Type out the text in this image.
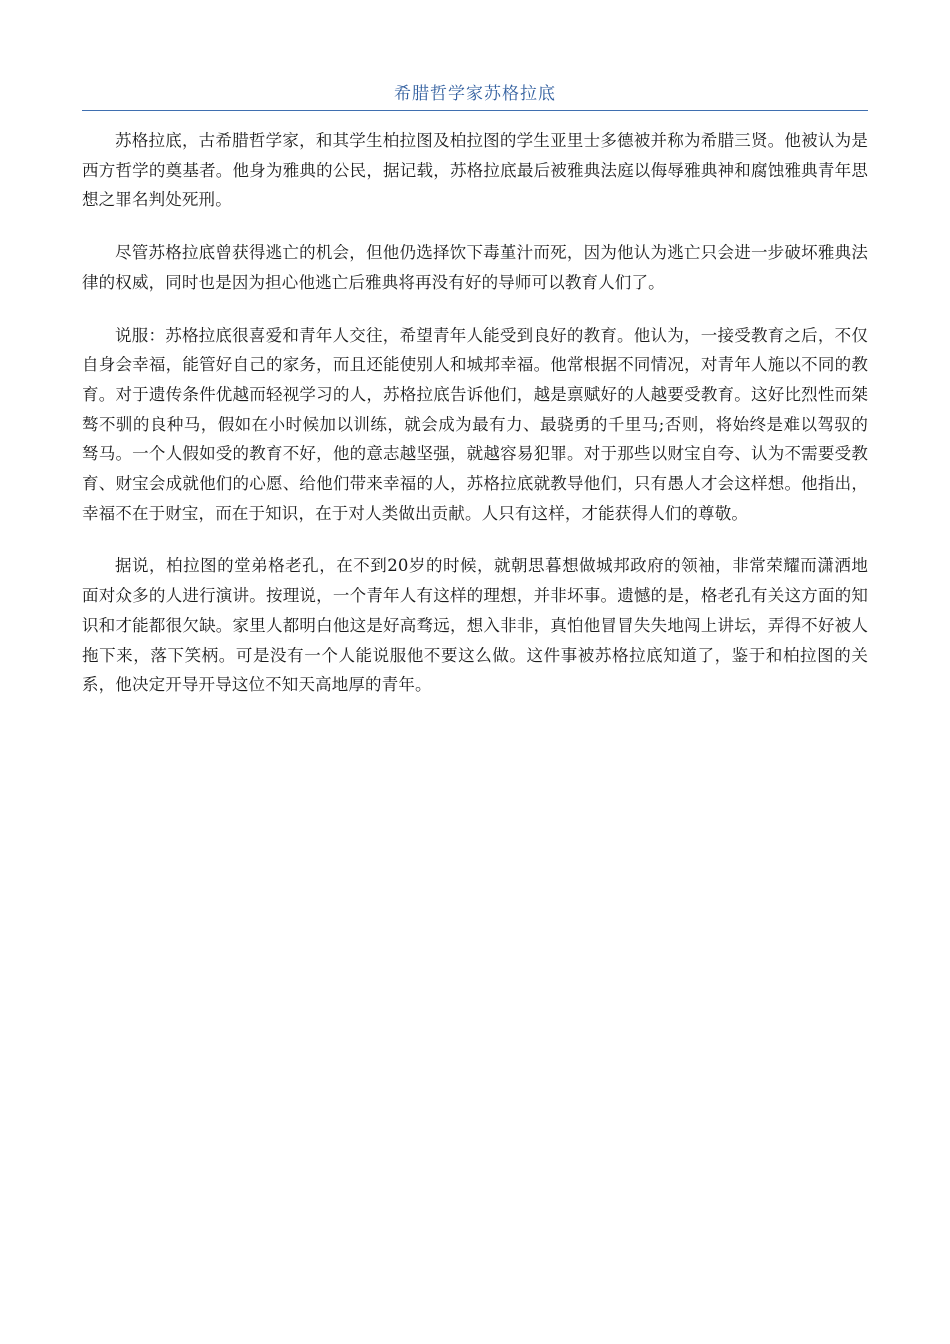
希腊哲学家苏格拉底

苏格拉底，古希腊哲学家，和其学生柏拉图及柏拉图的学生亚里士多德被并称为希腊三贤。他被认为是西方哲学的奠基者。他身为雅典的公民，据记载，苏格拉底最后被雅典法庭以侮辱雅典神和腐蚀雅典青年思想之罪名判处死刑。

尽管苏格拉底曾获得逃亡的机会，但他仍选择饮下毒堇汁而死，因为他认为逃亡只会进一步破坏雅典法律的权威，同时也是因为担心他逃亡后雅典将再没有好的导师可以教育人们了。

说服：苏格拉底很喜爱和青年人交往，希望青年人能受到良好的教育。他认为，一接受教育之后，不仅自身会幸福，能管好自己的家务，而且还能使别人和城邦幸福。他常根据不同情况，对青年人施以不同的教育。对于遗传条件优越而轻视学习的人，苏格拉底告诉他们，越是禀赋好的人越要受教育。这好比烈性而桀骜不驯的良种马，假如在小时候加以训练，就会成为最有力、最骁勇的千里马;否则，将始终是难以驾驭的驽马。一个人假如受的教育不好，他的意志越坚强，就越容易犯罪。对于那些以财宝自夸、认为不需要受教育、财宝会成就他们的心愿、给他们带来幸福的人，苏格拉底就教导他们，只有愚人才会这样想。他指出，幸福不在于财宝，而在于知识，在于对人类做出贡献。人只有这样，才能获得人们的尊敬。

据说，柏拉图的堂弟格老孔，在不到20岁的时候，就朝思暮想做城邦政府的领袖，非常荣耀而潇洒地面对众多的人进行演讲。按理说，一个青年人有这样的理想，并非坏事。遗憾的是，格老孔有关这方面的知识和才能都很欠缺。家里人都明白他这是好高骛远，想入非非，真怕他冒冒失失地闯上讲坛，弄得不好被人拖下来，落下笑柄。可是没有一个人能说服他不要这么做。这件事被苏格拉底知道了，鉴于和柏拉图的关系，他决定开导开导这位不知天高地厚的青年。
